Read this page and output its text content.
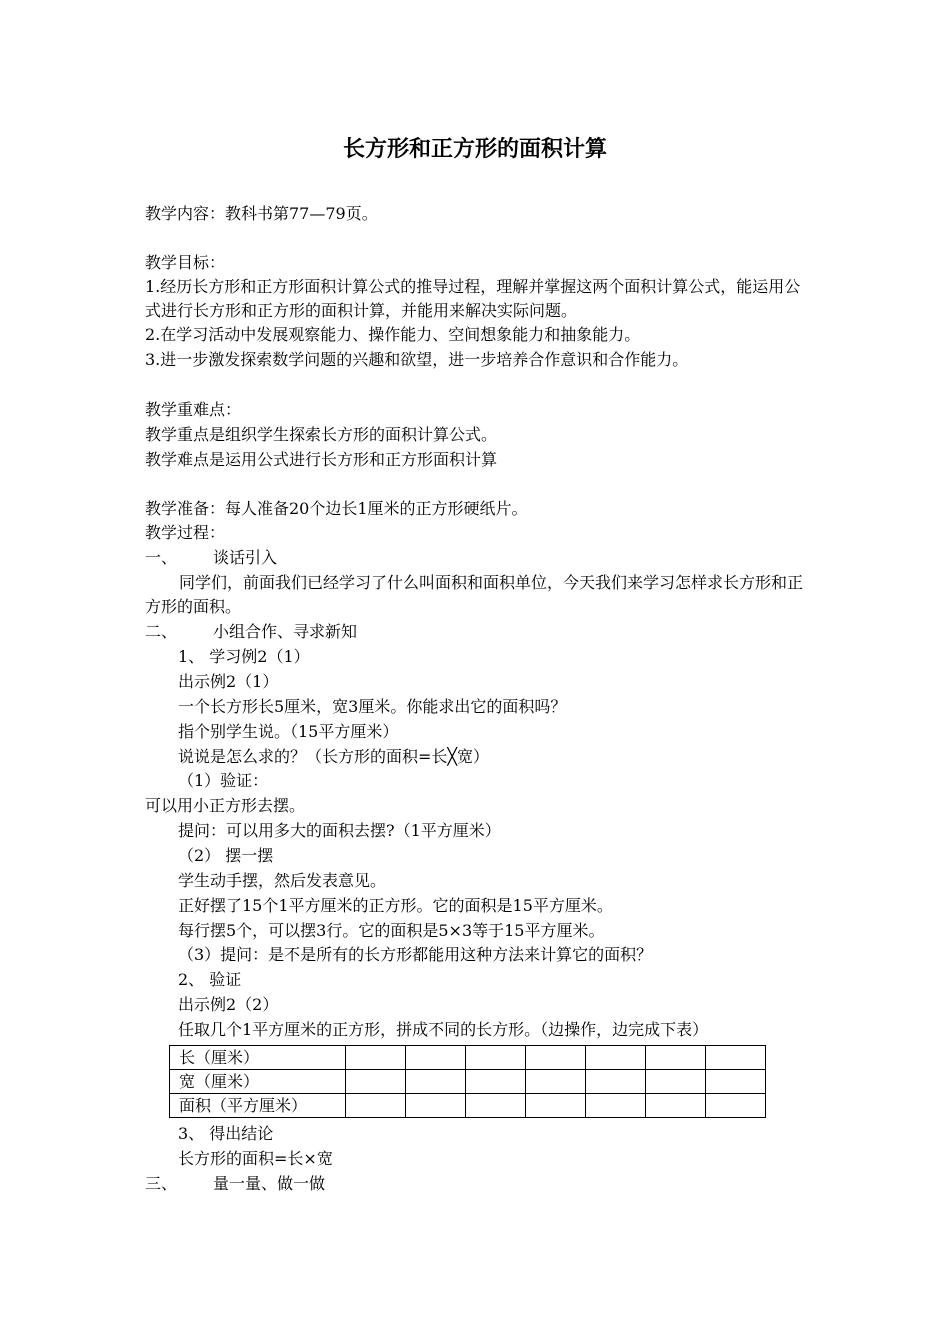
长方形和正方形的面积计算
教学内容：教科书第77—79页。
教学目标：
1.经历长方形和正方形面积计算公式的推导过程，理解并掌握这两个面积计算公式，能运用公式进行长方形和正方形的面积计算，并能用来解决实际问题。
2.在学习活动中发展观察能力、操作能力、空间想象能力和抽象能力。
3.进一步激发探索数学问题的兴趣和欲望，进一步培养合作意识和合作能力。
教学重难点：
教学重点是组织学生探索长方形的面积计算公式。
教学难点是运用公式进行长方形和正方形面积计算
教学准备：每人准备20个边长1厘米的正方形硬纸片。
教学过程：
一、 谈话引入
同学们，前面我们已经学习了什么叫面积和面积单位，今天我们来学习怎样求长方形和正方形的面积。
二、 小组合作、寻求新知
1、 学习例2（1）
出示例2（1）
一个长方形长5厘米，宽3厘米。你能求出它的面积吗？
指个别学生说。（15平方厘米）
说说是怎么求的？（长方形的面积=长╳宽）
（1）验证：
可以用小正方形去摆。
提问：可以用多大的面积去摆?（1平方厘米）
（2） 摆一摆
学生动手摆，然后发表意见。
正好摆了15个1平方厘米的正方形。它的面积是15平方厘米。
每行摆5个，可以摆3行。它的面积是5×3等于15平方厘米。
（3）提问：是不是所有的长方形都能用这种方法来计算它的面积？
2、 验证
出示例2（2）
任取几个1平方厘米的正方形，拼成不同的长方形。（边操作，边完成下表）
长（厘米）							
宽（厘米）							
面积（平方厘米）							
3、 得出结论
长方形的面积=长×宽
三、 量一量、做一做
